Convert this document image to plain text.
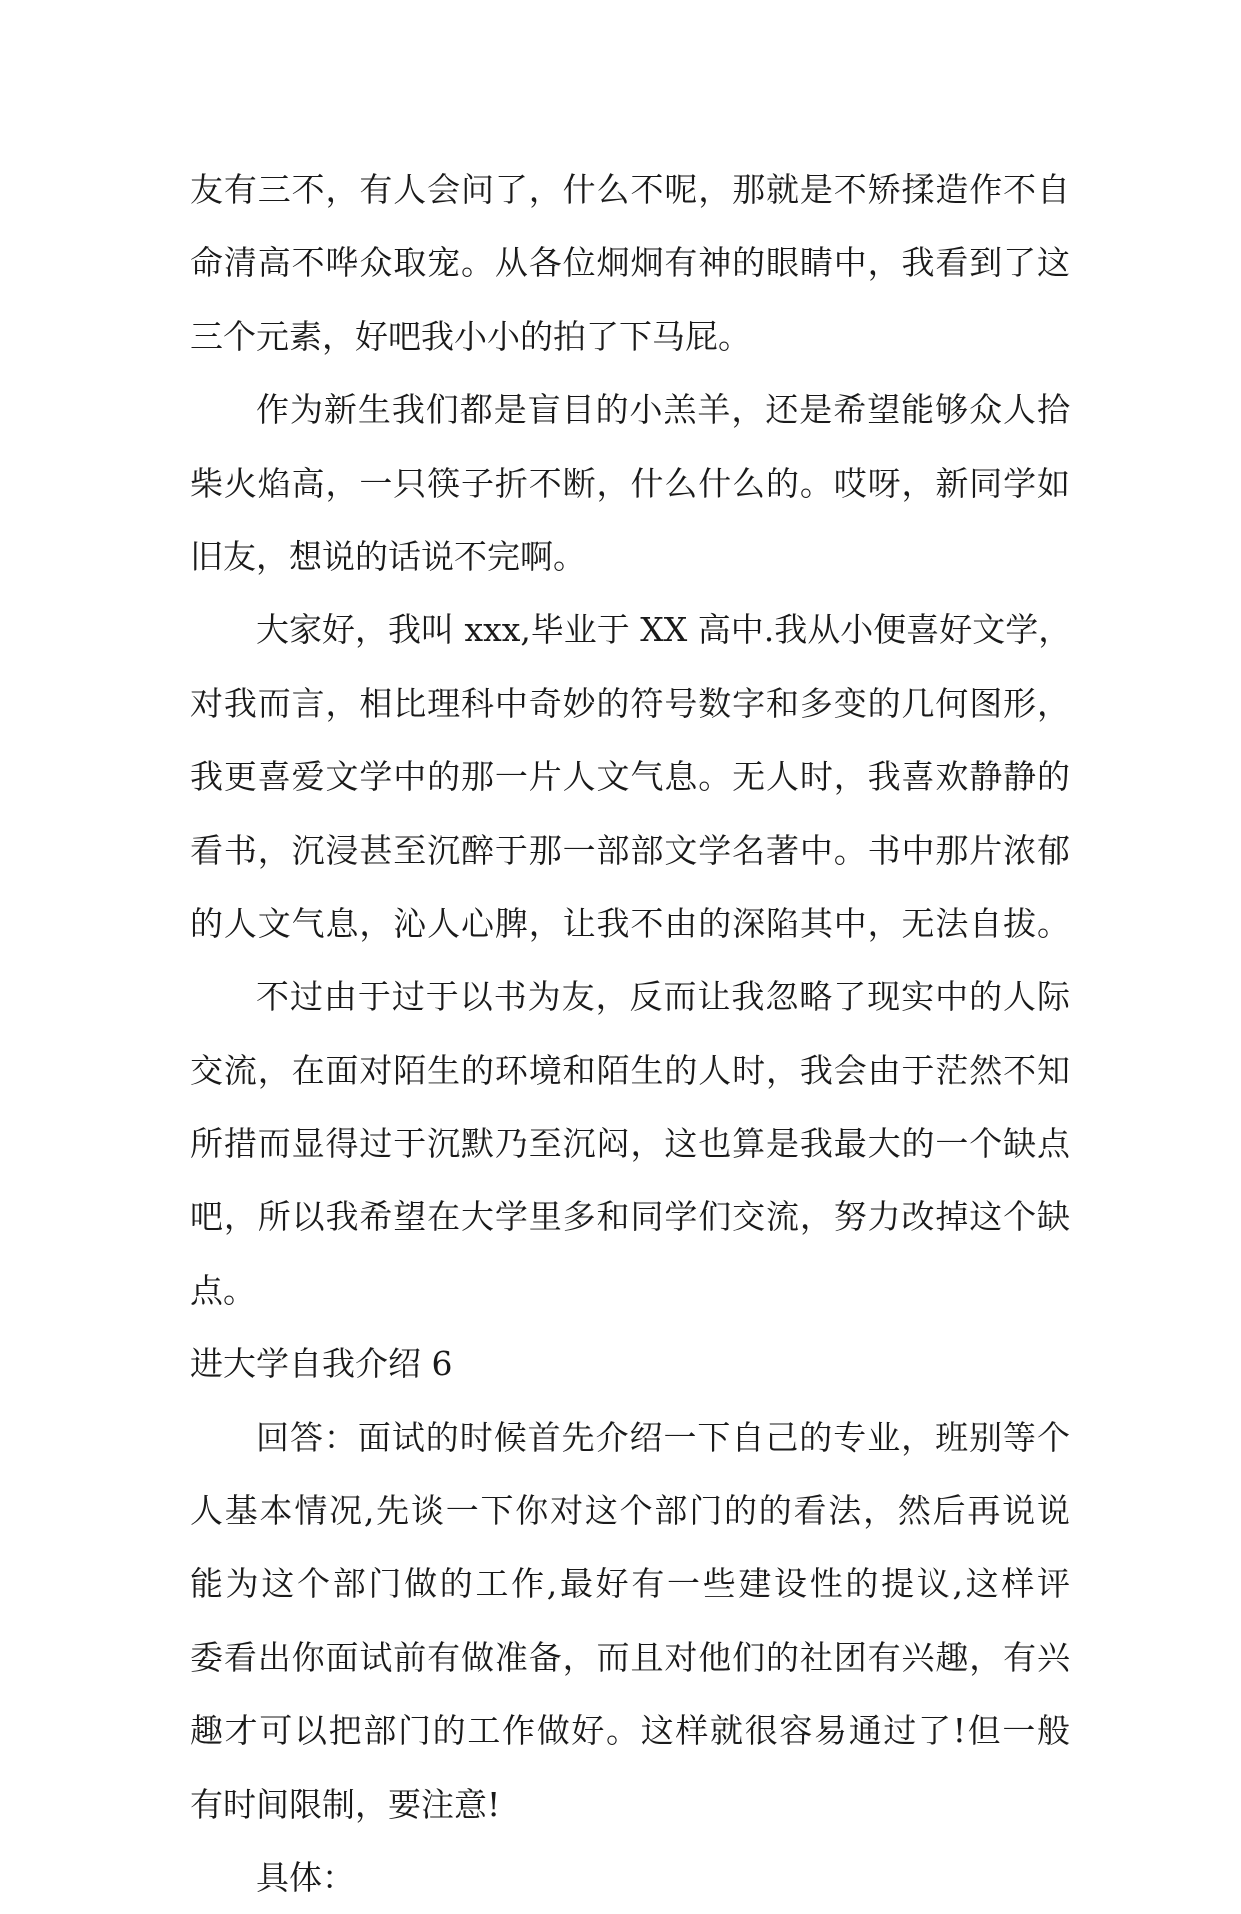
友有三不，有人会问了，什么不呢，那就是不矫揉造作不自
命清高不哗众取宠。从各位炯炯有神的眼睛中，我看到了这
三个元素，好吧我小小的拍了下马屁。
作为新生我们都是盲目的小羔羊，还是希望能够众人拾
柴火焰高，一只筷子折不断，什么什么的。哎呀，新同学如
旧友，想说的话说不完啊。
大家好，我叫 xxx,毕业于 XX 高中.我从小便喜好文学，
对我而言，相比理科中奇妙的符号数字和多变的几何图形，
我更喜爱文学中的那一片人文气息。无人时，我喜欢静静的
看书，沉浸甚至沉醉于那一部部文学名著中。书中那片浓郁
的人文气息，沁人心脾，让我不由的深陷其中，无法自拔。
不过由于过于以书为友，反而让我忽略了现实中的人际
交流，在面对陌生的环境和陌生的人时，我会由于茫然不知
所措而显得过于沉默乃至沉闷，这也算是我最大的一个缺点
吧，所以我希望在大学里多和同学们交流，努力改掉这个缺
点。
进大学自我介绍 6
回答：面试的时候首先介绍一下自己的专业，班别等个
人基本情况,先谈一下你对这个部门的的看法，然后再说说
能为这个部门做的工作,最好有一些建设性的提议,这样评
委看出你面试前有做准备，而且对他们的社团有兴趣，有兴
趣才可以把部门的工作做好。这样就很容易通过了!但一般
有时间限制，要注意!
具体：
